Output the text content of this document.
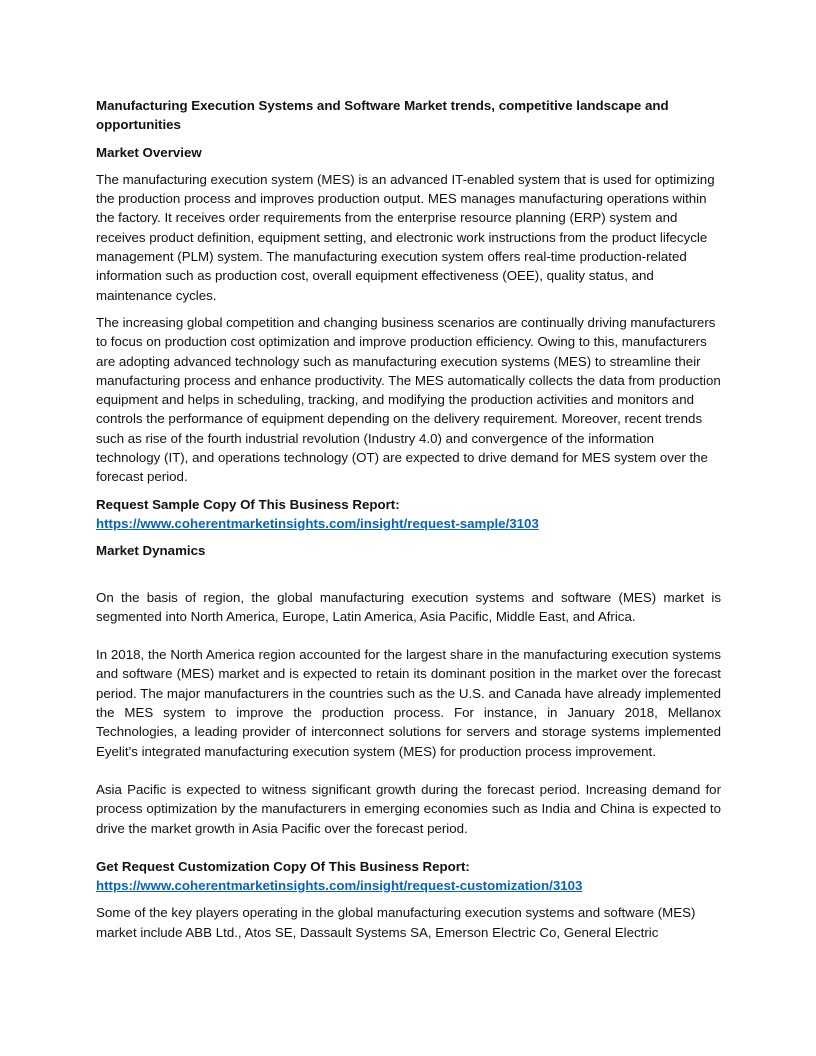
Manufacturing Execution Systems and Software Market trends, competitive landscape and opportunities

Market Overview

The manufacturing execution system (MES) is an advanced IT-enabled system that is used for optimizing the production process and improves production output. MES manages manufacturing operations within the factory. It receives order requirements from the enterprise resource planning (ERP) system and receives product definition, equipment setting, and electronic work instructions from the product lifecycle management (PLM) system. The manufacturing execution system offers real-time production-related information such as production cost, overall equipment effectiveness (OEE), quality status, and maintenance cycles.

The increasing global competition and changing business scenarios are continually driving manufacturers to focus on production cost optimization and improve production efficiency. Owing to this, manufacturers are adopting advanced technology such as manufacturing execution systems (MES) to streamline their manufacturing process and enhance productivity. The MES automatically collects the data from production equipment and helps in scheduling, tracking, and modifying the production activities and monitors and controls the performance of equipment depending on the delivery requirement. Moreover, recent trends such as rise of the fourth industrial revolution (Industry 4.0) and convergence of the information technology (IT), and operations technology (OT) are expected to drive demand for MES system over the forecast period.

Request Sample Copy Of This Business Report:

https://www.coherentmarketinsights.com/insight/request-sample/3103

Market Dynamics

On the basis of region, the global manufacturing execution systems and software (MES) market is segmented into North America, Europe, Latin America, Asia Pacific, Middle East, and Africa.

In 2018, the North America region accounted for the largest share in the manufacturing execution systems and software (MES) market and is expected to retain its dominant position in the market over the forecast period. The major manufacturers in the countries such as the U.S. and Canada have already implemented the MES system to improve the production process. For instance, in January 2018, Mellanox Technologies, a leading provider of interconnect solutions for servers and storage systems implemented Eyelit’s integrated manufacturing execution system (MES) for production process improvement.

Asia Pacific is expected to witness significant growth during the forecast period. Increasing demand for process optimization by the manufacturers in emerging economies such as India and China is expected to drive the market growth in Asia Pacific over the forecast period.

Get Request Customization Copy Of This Business Report:

https://www.coherentmarketinsights.com/insight/request-customization/3103

Some of the key players operating in the global manufacturing execution systems and software (MES) market include ABB Ltd., Atos SE, Dassault Systems SA, Emerson Electric Co, General Electric
